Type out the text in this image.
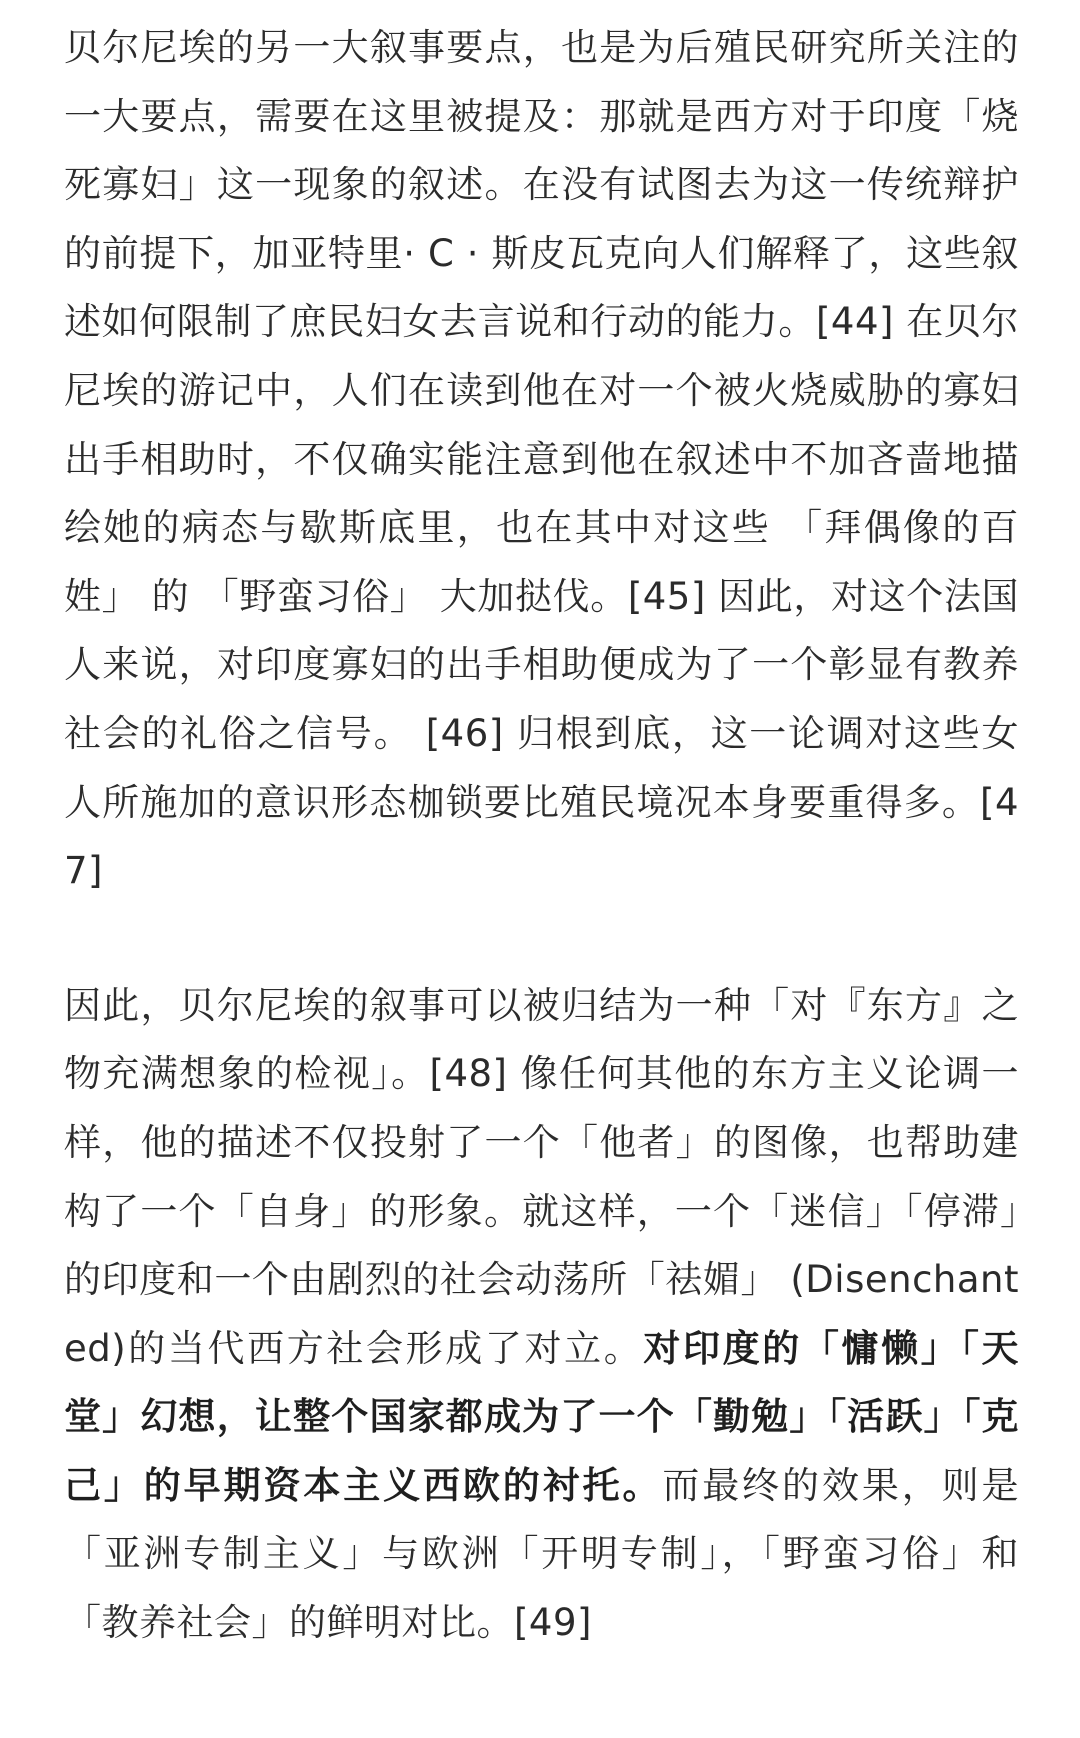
贝尔尼埃的另一大叙事要点，也是为后殖民研究所关注的一大要点，需要在这里被提及：那就是西方对于印度「烧死寡妇」这一现象的叙述。在没有试图去为这一传统辩护的前提下，加亚特里· C · 斯皮瓦克向人们解释了，这些叙述如何限制了庶民妇女去言说和行动的能力。[44] 在贝尔尼埃的游记中，人们在读到他在对一个被火烧威胁的寡妇出手相助时，不仅确实能注意到他在叙述中不加吝啬地描绘她的病态与歇斯底里，也在其中对这些 「拜偶像的百姓」 的 「野蛮习俗」 大加挞伐。[45] 因此，对这个法国人来说，对印度寡妇的出手相助便成为了一个彰显有教养社会的礼俗之信号。 [46] 归根到底，这一论调对这些女人所施加的意识形态枷锁要比殖民境况本身要重得多。[47]

因此，贝尔尼埃的叙事可以被归结为一种「对『东方』之物充满想象的检视」。[48] 像任何其他的东方主义论调一样，他的描述不仅投射了一个「他者」的图像，也帮助建构了一个「自身」的形象。就这样，一个「迷信」「停滞」的印度和一个由剧烈的社会动荡所「祛媚」 (Disenchanted)的当代西方社会形成了对立。对印度的「慵懒」「天堂」幻想，让整个国家都成为了一个「勤勉」「活跃」「克己」的早期资本主义西欧的衬托。而最终的效果，则是「亚洲专制主义」与欧洲「开明专制」，「野蛮习俗」和「教养社会」的鲜明对比。[49]
